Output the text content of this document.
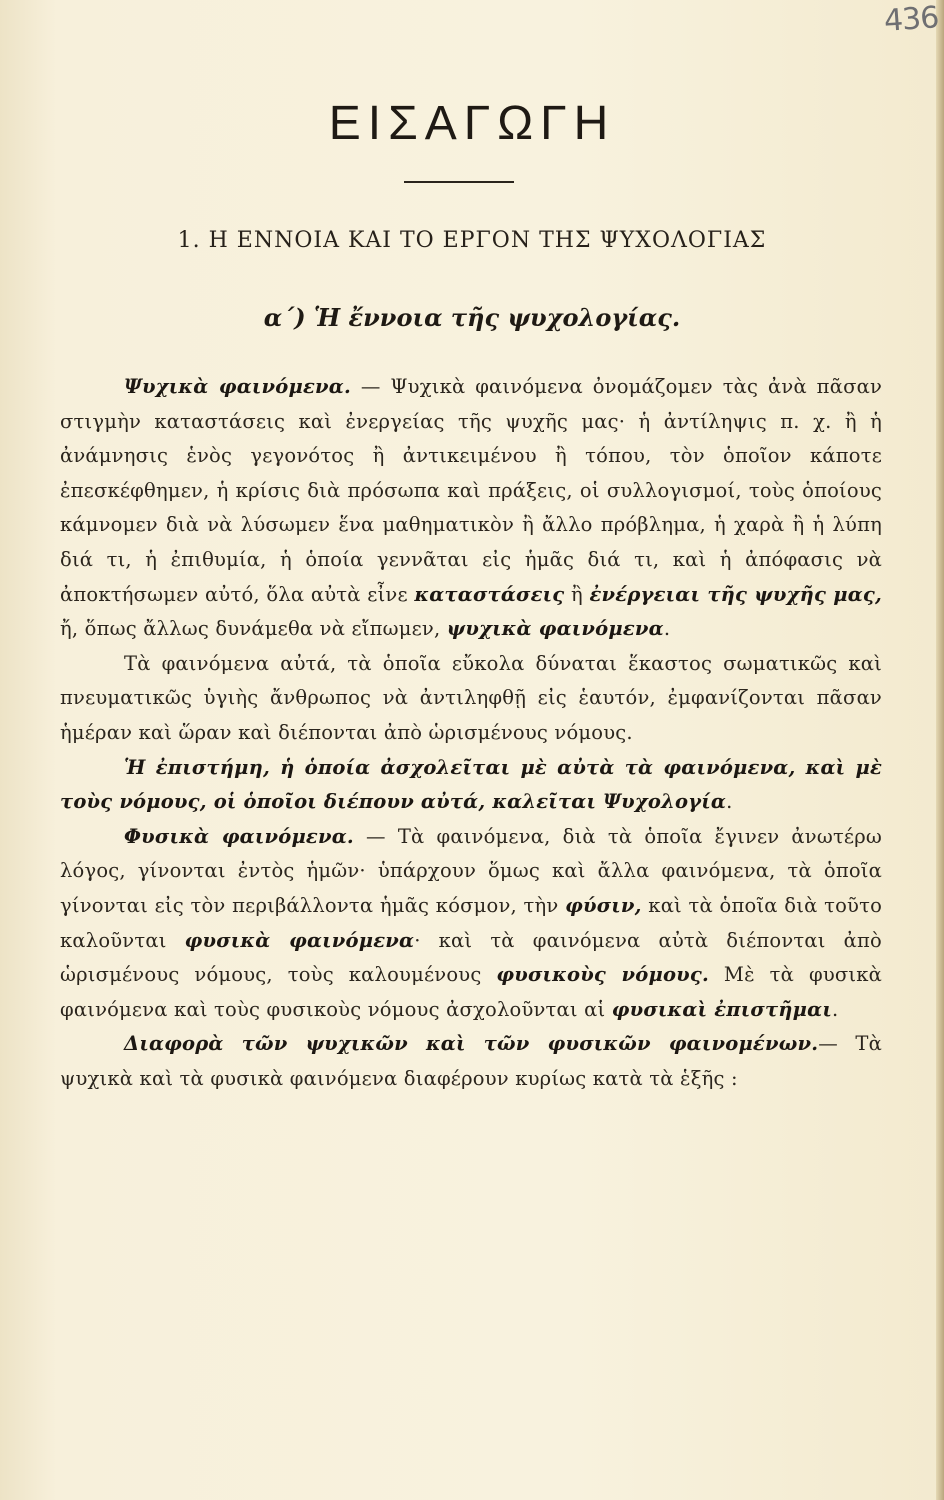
436
ΕΙΣΑΓΩΓΗ
1. Η ΕΝΝΟΙΑ ΚΑΙ ΤΟ ΕΡΓΟΝ ΤΗΣ ΨΥΧΟΛΟΓΙΑΣ
α΄) Ἡ ἔννοια τῆς ψυχολογίας.

Ψυχικὰ φαινόμενα. — Ψυχικὰ φαινόμενα ὀνομάζομεν τὰς ἀνὰ πᾶσαν στιγμὴν καταστάσεις καὶ ἐνεργείας τῆς ψυχῆς μας· ἡ ἀντίληψις π. χ. ἢ ἡ ἀνάμνησις ἑνὸς γεγονότος ἢ ἀντικειμένου ἢ τόπου, τὸν ὁποῖον κάποτε ἐπεσκέφθημεν, ἡ κρίσις διὰ πρόσωπα καὶ πράξεις, οἱ συλλογισμοί, τοὺς ὁποίους κάμνομεν διὰ νὰ λύσωμεν ἕνα μαθηματικὸν ἢ ἄλλο πρόβλημα, ἡ χαρὰ ἢ ἡ λύπη διά τι, ἡ ἐπιθυμία, ἡ ὁποία γεννᾶται εἰς ἡμᾶς διά τι, καὶ ἡ ἀπόφασις νὰ ἀποκτήσωμεν αὐτό, ὅλα αὐτὰ εἶνε καταστάσεις ἢ ἐνέργειαι τῆς ψυχῆς μας, ἤ, ὅπως ἄλλως δυνάμεθα νὰ εἴπωμεν, ψυχικὰ φαινόμενα.

Τὰ φαινόμενα αὐτά, τὰ ὁποῖα εὔκολα δύναται ἕκαστος σωματικῶς καὶ πνευματικῶς ὑγιὴς ἄνθρωπος νὰ ἀντιληφθῇ εἰς ἑαυτόν, ἐμφανίζονται πᾶσαν ἡμέραν καὶ ὥραν καὶ διέπονται ἀπὸ ὡρισμένους νόμους.

Ἡ ἐπιστήμη, ἡ ὁποία ἀσχολεῖται μὲ αὐτὰ τὰ φαινόμενα, καὶ μὲ τοὺς νόμους, οἱ ὁποῖοι διέπουν αὐτά, καλεῖται Ψυχολογία.

Φυσικὰ φαινόμενα. — Τὰ φαινόμενα, διὰ τὰ ὁποῖα ἔγινεν ἀνωτέρω λόγος, γίνονται ἐντὸς ἡμῶν· ὑπάρχουν ὅμως καὶ ἄλλα φαινόμενα, τὰ ὁποῖα γίνονται εἰς τὸν περιβάλλοντα ἡμᾶς κόσμον, τὴν φύσιν, καὶ τὰ ὁποῖα διὰ τοῦτο καλοῦνται φυσικὰ φαινόμενα· καὶ τὰ φαινόμενα αὐτὰ διέπονται ἀπὸ ὡρισμένους νόμους, τοὺς καλουμένους φυσικοὺς νόμους. Μὲ τὰ φυσικὰ φαινόμενα καὶ τοὺς φυσικοὺς νόμους ἀσχολοῦνται αἱ φυσικαὶ ἐπιστῆμαι.

Διαφορὰ τῶν ψυχικῶν καὶ τῶν φυσικῶν φαινομένων.— Τὰ ψυχικὰ καὶ τὰ φυσικὰ φαινόμενα διαφέρουν κυρίως κατὰ τὰ ἑξῆς :
